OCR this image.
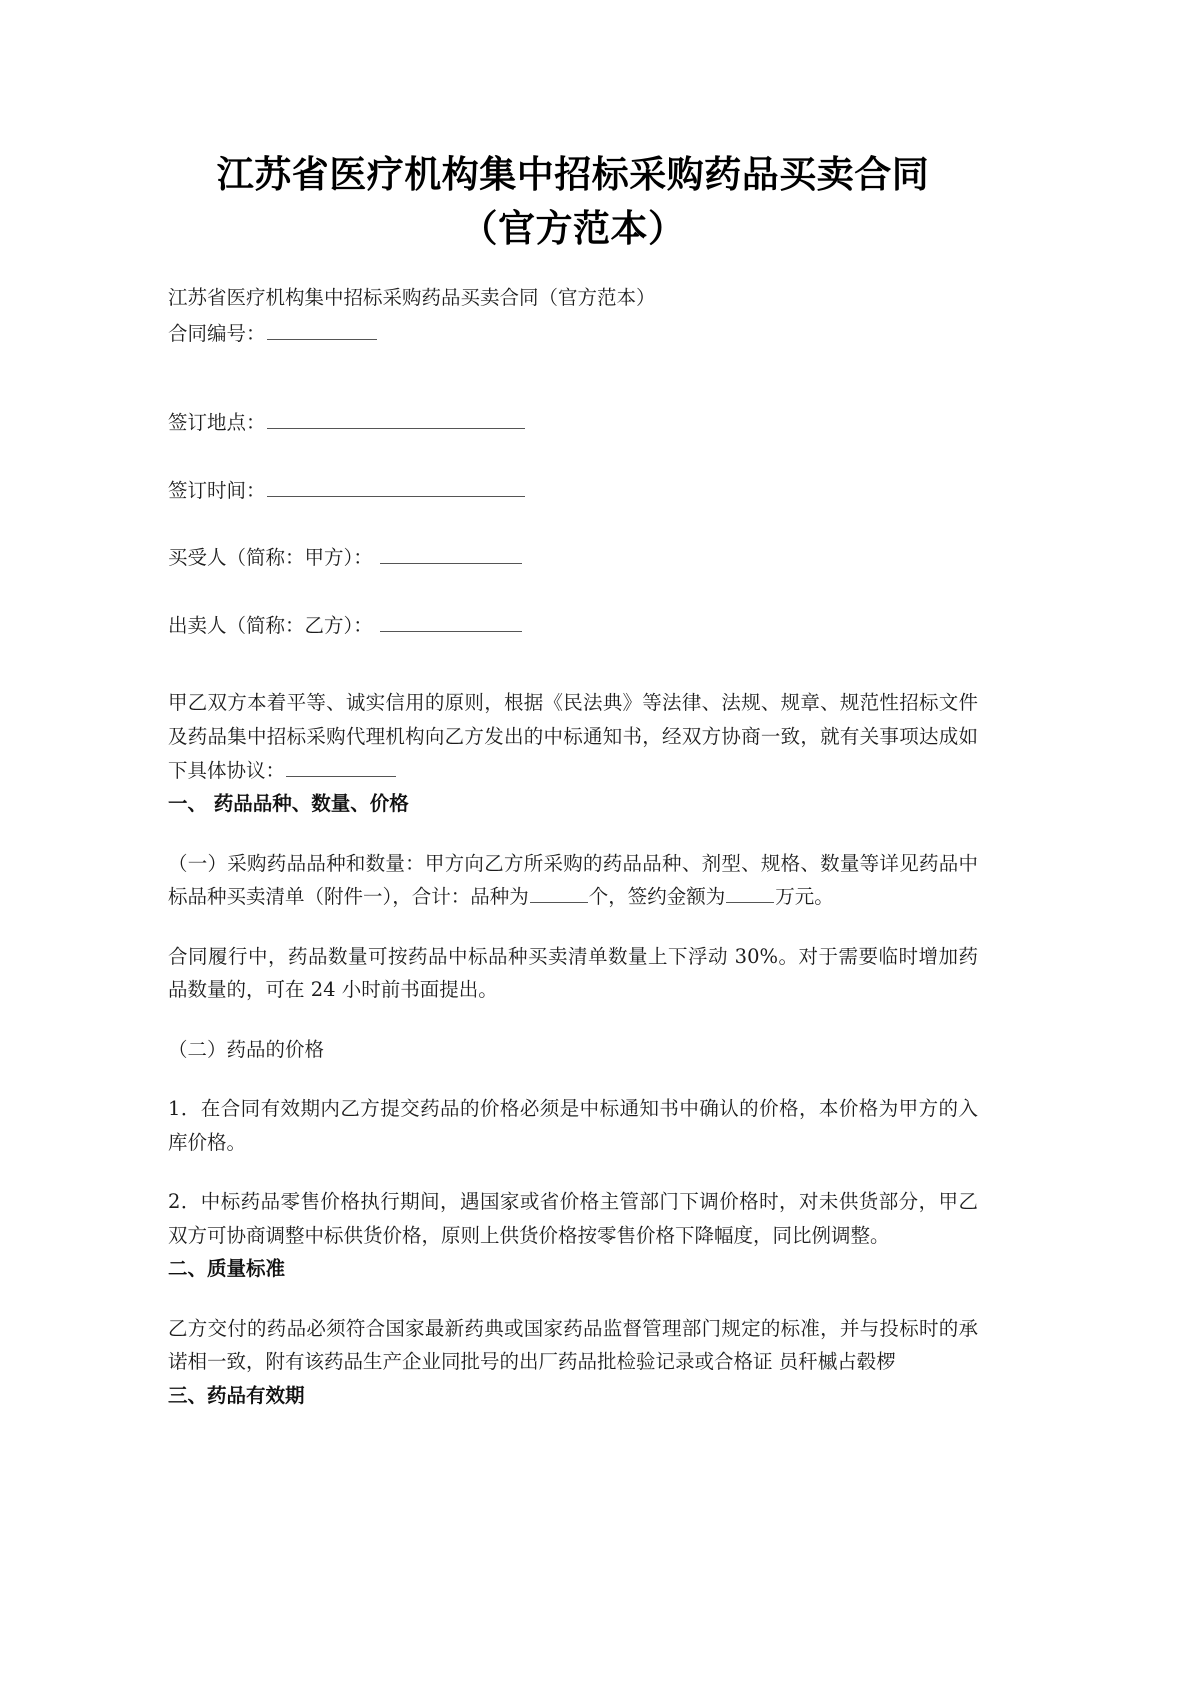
江苏省医疗机构集中招标采购药品买卖合同
（官方范本）

江苏省医疗机构集中招标采购药品买卖合同（官方范本）

合同编号：

签订地点：

签订时间：

买受人（简称：甲方）：

出卖人（简称：乙方）：

甲乙双方本着平等、诚实信用的原则，根据《民法典》等法律、法规、规章、规范性招标文件及药品集中招标采购代理机构向乙方发出的中标通知书，经双方协商一致，就有关事项达成如下具体协议：

一、 药品品种、数量、价格

（一）采购药品品种和数量：甲方向乙方所采购的药品品种、剂型、规格、数量等详见药品中标品种买卖清单（附件一），合计：品种为	个，签约金额为	万元。

合同履行中，药品数量可按药品中标品种买卖清单数量上下浮动 30%。对于需要临时增加药品数量的，可在 24 小时前书面提出。

（二）药品的价格

1．在合同有效期内乙方提交药品的价格必须是中标通知书中确认的价格，本价格为甲方的入库价格。

2．中标药品零售价格执行期间，遇国家或省价格主管部门下调价格时，对未供货部分，甲乙双方可协商调整中标供货价格，原则上供货价格按零售价格下降幅度，同比例调整。

二、质量标准

乙方交付的药品必须符合国家最新药典或国家药品监督管理部门规定的标准，并与投标时的承诺相一致，附有该药品生产企业同批号的出厂药品批检验记录或合格证 员秆槭占毂椤

三、药品有效期
